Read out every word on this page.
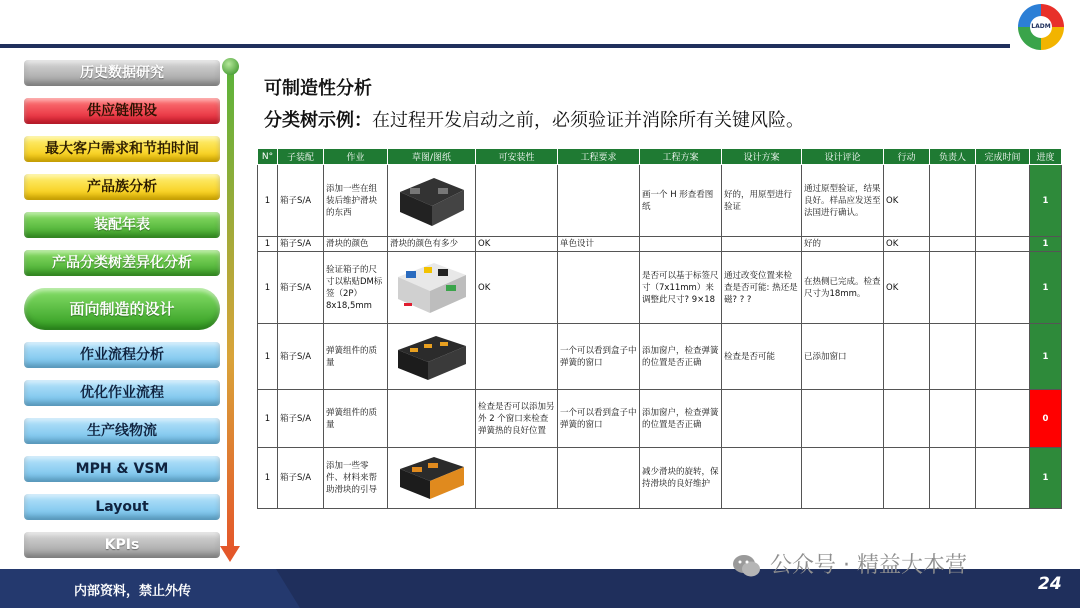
LADM
历史数据研究
供应链假设
最大客户需求和节拍时间
产品族分析
装配年表
产品分类树差异化分析
面向制造的设计
作业流程分析
优化作业流程
生产线物流
MPH & VSM
Layout
KPIs
可制造性分析
分类树示例：在过程开发启动之前，必须验证并消除所有关键风险。
N°	子装配	作业	草图/图纸	可安装性	工程要求	工程方案	设计方案	设计评论	行动	负责人	完成时间	进度
1	箱子S/A	添加一些在组装后维护滑块的东西				画一个 H 形查看图纸	好的，用原型进行验证	通过原型验证，结果良好。样品应发送至法国进行确认。	OK			1
1	箱子S/A	滑块的颜色	滑块的颜色有多少	OK	单色设计			好的	OK			1
1	箱子S/A	验证箱子的尺寸以粘贴DM标签（2P）8x18,5mm		OK		是否可以基于标签尺寸（7x11mm）来调整此尺寸? 9×18	通过改变位置来检查是否可能: 热还是磁? ? ?	在热侧已完成。检查尺寸为18mm。	OK			1
1	箱子S/A	弹簧组件的质量			一个可以看到盒子中弹簧的窗口	添加窗户，检查弹簧的位置是否正确	检查是否可能	已添加窗口				1
1	箱子S/A	弹簧组件的质量		检查是否可以添加另外 2 个窗口来检查弹簧热的良好位置	一个可以看到盒子中弹簧的窗口	添加窗户，检查弹簧的位置是否正确						0
1	箱子S/A	添加一些零件、材料来帮助滑块的引导				减少滑块的旋转，保持滑块的良好维护						1
内部资料，禁止外传
公众号 · 精益大本营
24
